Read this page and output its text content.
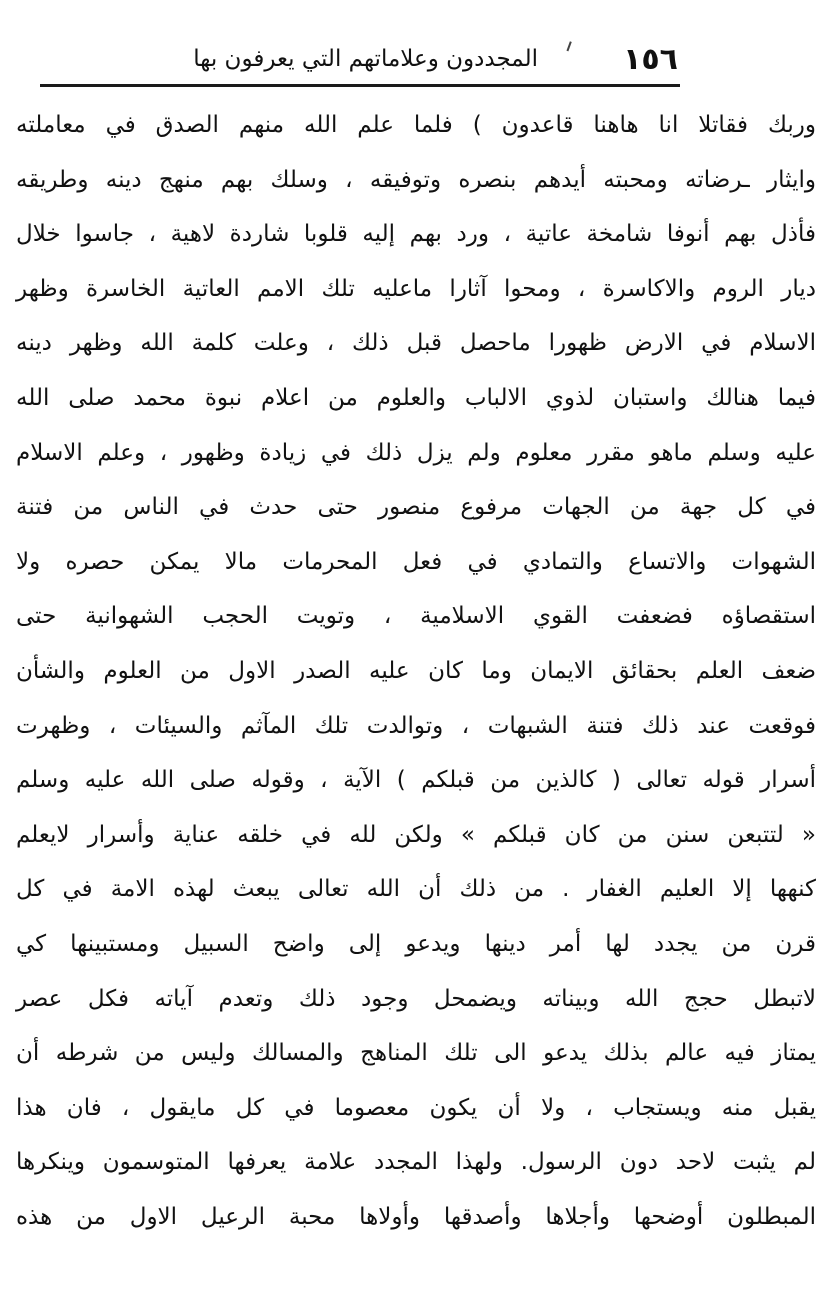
المجددون وعلاماتهم التي يعرفون بها	١٥٦
وربك فقاتلا انا هاهنا قاعدون ) فلما علم الله منهم الصدق في معاملته
وايثار ـرضاته ومحبته أيدهم بنصره وتوفيقه ، وسلك بهم منهج دينه وطريقه
فأذل بهم أنوفا شامخة عاتية ، ورد بهم إليه قلوبا شاردة لاهية ، جاسوا خلال
ديار الروم والاكاسرة ، ومحوا آثارا ماعليه تلك الامم العاتية الخاسرة وظهر
الاسلام في الارض ظهورا ماحصل قبل ذلك ، وعلت كلمة الله وظهر دينه
فيما هنالك واستبان لذوي الالباب والعلوم من اعلام نبوة محمد صلى الله
عليه وسلم ماهو مقرر معلوم ولم يزل ذلك في زيادة وظهور ، وعلم الاسلام
في كل جهة من الجهات مرفوع منصور حتى حدث في الناس من فتنة
الشهوات والاتساع والتمادي في فعل المحرمات مالا يمكن حصره ولا
استقصاؤه فضعفت القوي الاسلامية ، وتويت الحجب الشهوانية حتى
ضعف العلم بحقائق الايمان وما كان عليه الصدر الاول من العلوم والشأن
فوقعت عند ذلك فتنة الشبهات ، وتوالدت تلك المآثم والسيئات ، وظهرت
أسرار قوله تعالى ( كالذين من قبلكم ) الآية ، وقوله صلى الله عليه وسلم
« لتتبعن سنن من كان قبلكم » ولكن لله في خلقه عناية وأسرار لايعلم
كنهها إلا العليم الغفار . من ذلك أن الله تعالى يبعث لهذه الامة في كل
قرن من يجدد لها أمر دينها ويدعو إلى واضح السبيل ومستبينها كي
لاتبطل حجج الله وبيناته ويضمحل وجود ذلك وتعدم آياته فكل عصر
يمتاز فيه عالم بذلك يدعو الى تلك المناهج والمسالك وليس من شرطه أن
يقبل منه ويستجاب ، ولا أن يكون معصوما في كل مايقول ، فان هذا
لم يثبت لاحد دون الرسول. ولهذا المجدد علامة يعرفها المتوسمون وينكرها
المبطلون أوضحها وأجلاها وأصدقها وأولاها محبة الرعيل الاول من هذه
